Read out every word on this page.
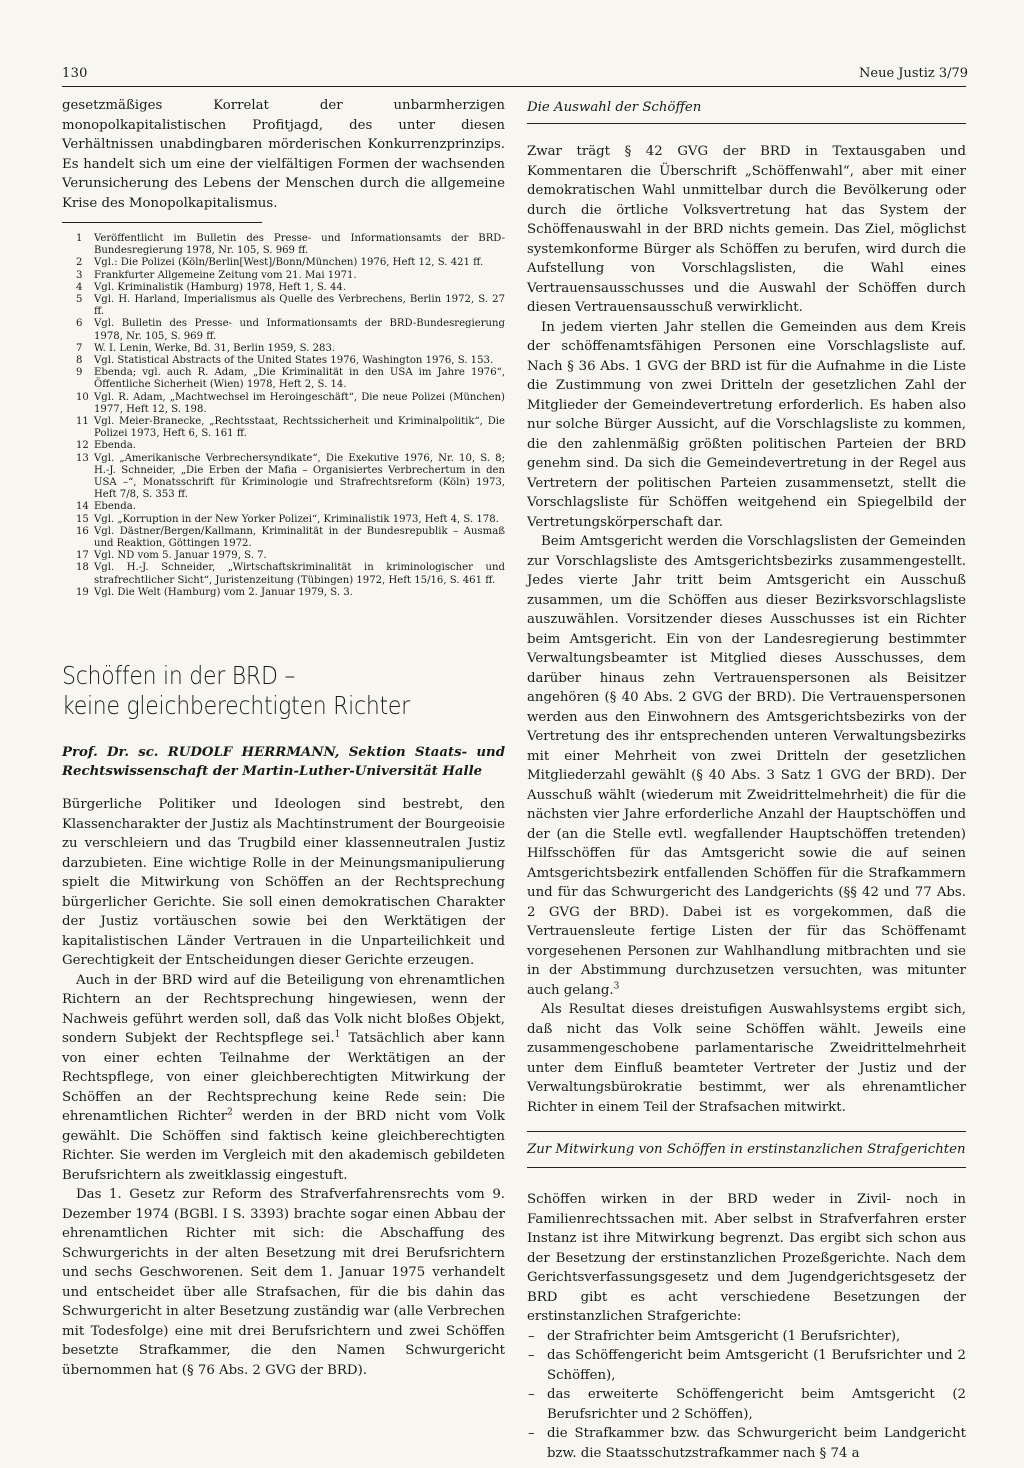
130	Neue Justiz 3/79

gesetzmäßiges Korrelat der unbarmherzigen monopolkapitalistischen Profitjagd, des unter diesen Verhältnissen unabdingbaren mörderischen Konkurrenzprinzips. Es handelt sich um eine der vielfältigen Formen der wachsenden Verunsicherung des Lebens der Menschen durch die allgemeine Krise des Monopolkapitalismus.

1	Veröffentlicht im Bulletin des Presse- und Informationsamts der BRD-Bundesregierung 1978, Nr. 105, S. 969 ff.
2	Vgl.: Die Polizei (Köln/Berlin[West]/Bonn/München) 1976, Heft 12, S. 421 ff.
3	Frankfurter Allgemeine Zeitung vom 21. Mai 1971.
4	Vgl. Kriminalistik (Hamburg) 1978, Heft 1, S. 44.
5	Vgl. H. Harland, Imperialismus als Quelle des Verbrechens, Berlin 1972, S. 27 ff.
6	Vgl. Bulletin des Presse- und Informationsamts der BRD-Bundesregierung 1978, Nr. 105, S. 969 ff.
7	W. I. Lenin, Werke, Bd. 31, Berlin 1959, S. 283.
8	Vgl. Statistical Abstracts of the United States 1976, Washington 1976, S. 153.
9	Ebenda; vgl. auch R. Adam, „Die Kriminalität in den USA im Jahre 1976“, Öffentliche Sicherheit (Wien) 1978, Heft 2, S. 14.
10 Vgl. R. Adam, „Machtwechsel im Heroingeschäft“, Die neue Polizei (München) 1977, Heft 12, S. 198.
11 Vgl. Meier-Branecke, „Rechtsstaat, Rechtssicherheit und Kriminalpolitik“, Die Polizei 1973, Heft 6, S. 161 ff.
12 Ebenda.
13 Vgl. „Amerikanische Verbrechersyndikate“, Die Exekutive 1976, Nr. 10, S. 8; H.-J. Schneider, „Die Erben der Mafia – Organisiertes Verbrechertum in den USA –“, Monatsschrift für Kriminologie und Strafrechtsreform (Köln) 1973, Heft 7/8, S. 353 ff.
14 Ebenda.
15 Vgl. „Korruption in der New Yorker Polizei“, Kriminalistik 1973, Heft 4, S. 178.
16 Vgl. Dästner/Bergen/Kallmann, Kriminalität in der Bundesrepublik – Ausmaß und Reaktion, Göttingen 1972.
17 Vgl. ND vom 5. Januar 1979, S. 7.
18 Vgl. H.-J. Schneider, „Wirtschaftskriminalität in kriminologischer und strafrechtlicher Sicht“, Juristenzeitung (Tübingen) 1972, Heft 15/16, S. 461 ff.
19 Vgl. Die Welt (Hamburg) vom 2. Januar 1979, S. 3.
Schöffen in der BRD –
keine gleichberechtigten Richter

Prof. Dr. sc. RUDOLF HERRMANN, Sektion Staats- und Rechtswissenschaft der Martin-Luther-Universität Halle

Bürgerliche Politiker und Ideologen sind bestrebt, den Klassencharakter der Justiz als Machtinstrument der Bourgeoisie zu verschleiern und das Trugbild einer klassenneutralen Justiz darzubieten. Eine wichtige Rolle in der Meinungsmanipulierung spielt die Mitwirkung von Schöffen an der Rechtsprechung bürgerlicher Gerichte. Sie soll einen demokratischen Charakter der Justiz vortäuschen sowie bei den Werktätigen der kapitalistischen Länder Vertrauen in die Unparteilichkeit und Gerechtigkeit der Entscheidungen dieser Gerichte erzeugen.

Auch in der BRD wird auf die Beteiligung von ehrenamtlichen Richtern an der Rechtsprechung hingewiesen, wenn der Nachweis geführt werden soll, daß das Volk nicht bloßes Objekt, sondern Subjekt der Rechtspflege sei.$^1$ Tatsächlich aber kann von einer echten Teilnahme der Werktätigen an der Rechtspflege, von einer gleichberechtigten Mitwirkung der Schöffen an der Rechtsprechung keine Rede sein: Die ehrenamtlichen Richter$^2$ werden in der BRD nicht vom Volk gewählt. Die Schöffen sind faktisch keine gleichberechtigten Richter. Sie werden im Vergleich mit den akademisch gebildeten Berufsrichtern als zweitklassig eingestuft.

Das 1. Gesetz zur Reform des Strafverfahrensrechts vom 9. Dezember 1974 (BGBl. I S. 3393) brachte sogar einen Abbau der ehrenamtlichen Richter mit sich: die Abschaffung des Schwurgerichts in der alten Besetzung mit drei Berufsrichtern und sechs Geschworenen. Seit dem 1. Januar 1975 verhandelt und entscheidet über alle Strafsachen, für die bis dahin das Schwurgericht in alter Besetzung zuständig war (alle Verbrechen mit Todesfolge) eine mit drei Berufsrichtern und zwei Schöffen besetzte Strafkammer, die den Namen Schwurgericht übernommen hat (§ 76 Abs. 2 GVG der BRD).

Die Auswahl der Schöffen

Zwar trägt § 42 GVG der BRD in Textausgaben und Kommentaren die Überschrift „Schöffenwahl“, aber mit einer demokratischen Wahl unmittelbar durch die Bevölkerung oder durch die örtliche Volksvertretung hat das System der Schöffenauswahl in der BRD nichts gemein. Das Ziel, möglichst systemkonforme Bürger als Schöffen zu berufen, wird durch die Aufstellung von Vorschlagslisten, die Wahl eines Vertrauensausschusses und die Auswahl der Schöffen durch diesen Vertrauensausschuß verwirklicht.

In jedem vierten Jahr stellen die Gemeinden aus dem Kreis der schöffenamtsfähigen Personen eine Vorschlagsliste auf. Nach § 36 Abs. 1 GVG der BRD ist für die Aufnahme in die Liste die Zustimmung von zwei Dritteln der gesetzlichen Zahl der Mitglieder der Gemeindevertretung erforderlich. Es haben also nur solche Bürger Aussicht, auf die Vorschlagsliste zu kommen, die den zahlenmäßig größten politischen Parteien der BRD genehm sind. Da sich die Gemeindevertretung in der Regel aus Vertretern der politischen Parteien zusammensetzt, stellt die Vorschlagsliste für Schöffen weitgehend ein Spiegelbild der Vertretungskörperschaft dar.

Beim Amtsgericht werden die Vorschlagslisten der Gemeinden zur Vorschlagsliste des Amtsgerichtsbezirks zusammengestellt. Jedes vierte Jahr tritt beim Amtsgericht ein Ausschuß zusammen, um die Schöffen aus dieser Bezirksvorschlagsliste auszuwählen. Vorsitzender dieses Ausschusses ist ein Richter beim Amtsgericht. Ein von der Landesregierung bestimmter Verwaltungsbeamter ist Mitglied dieses Ausschusses, dem darüber hinaus zehn Vertrauenspersonen als Beisitzer angehören (§ 40 Abs. 2 GVG der BRD). Die Vertrauenspersonen werden aus den Einwohnern des Amtsgerichtsbezirks von der Vertretung des ihr entsprechenden unteren Verwaltungsbezirks mit einer Mehrheit von zwei Dritteln der gesetzlichen Mitgliederzahl gewählt (§ 40 Abs. 3 Satz 1 GVG der BRD). Der Ausschuß wählt (wiederum mit Zweidrittelmehrheit) die für die nächsten vier Jahre erforderliche Anzahl der Hauptschöffen und der (an die Stelle evtl. wegfallender Hauptschöffen tretenden) Hilfsschöffen für das Amtsgericht sowie die auf seinen Amtsgerichtsbezirk entfallenden Schöffen für die Strafkammern und für das Schwurgericht des Landgerichts (§§ 42 und 77 Abs. 2 GVG der BRD). Dabei ist es vorgekommen, daß die Vertrauensleute fertige Listen der für das Schöffenamt vorgesehenen Personen zur Wahlhandlung mitbrachten und sie in der Abstimmung durchzusetzen versuchten, was mitunter auch gelang.$^3$

Als Resultat dieses dreistufigen Auswahlsystems ergibt sich, daß nicht das Volk seine Schöffen wählt. Jeweils eine zusammengeschobene parlamentarische Zweidrittelmehrheit unter dem Einfluß beamteter Vertreter der Justiz und der Verwaltungsbürokratie bestimmt, wer als ehrenamtlicher Richter in einem Teil der Strafsachen mitwirkt.

Zur Mitwirkung von Schöffen in erstinstanzlichen Strafgerichten

Schöffen wirken in der BRD weder in Zivil- noch in Familienrechtssachen mit. Aber selbst in Strafverfahren erster Instanz ist ihre Mitwirkung begrenzt. Das ergibt sich schon aus der Besetzung der erstinstanzlichen Prozeßgerichte. Nach dem Gerichtsverfassungsgesetz und dem Jugendgerichtsgesetz der BRD gibt es acht verschiedene Besetzungen der erstinstanzlichen Strafgerichte:

– der Strafrichter beim Amtsgericht (1 Berufsrichter),
– das Schöffengericht beim Amtsgericht (1 Berufsrichter und 2 Schöffen),
– das erweiterte Schöffengericht beim Amtsgericht (2 Berufsrichter und 2 Schöffen),
– die Strafkammer bzw. das Schwurgericht beim Landgericht bzw. die Staatsschutzstrafkammer nach § 74 a
